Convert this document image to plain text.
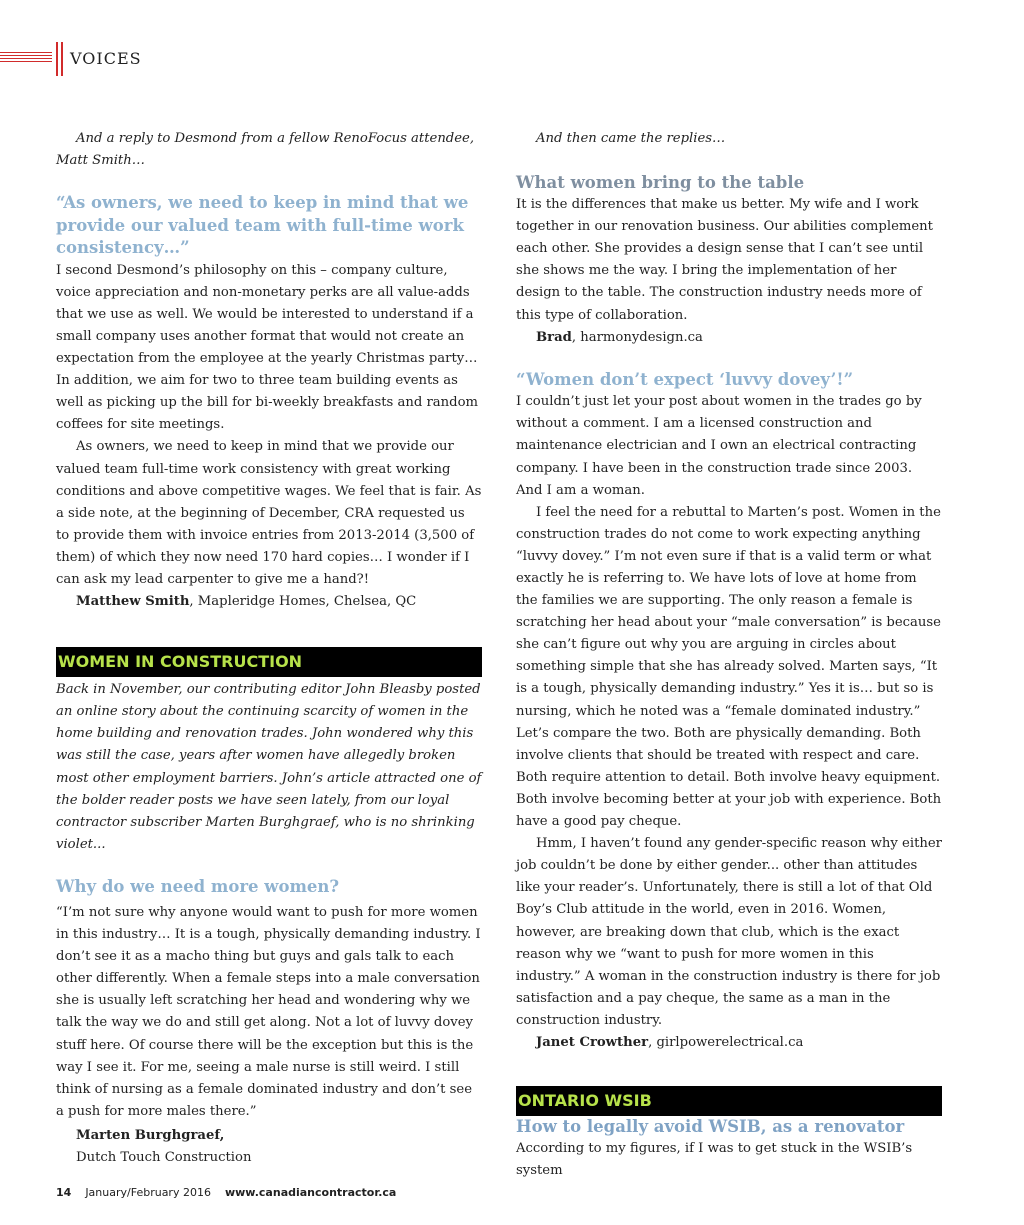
VOICES

And a reply to Desmond from a fellow RenoFocus attendee, Matt Smith…

“As owners, we need to keep in mind that we provide our valued team with full-time work consistency…”

I second Desmond’s philosophy on this – company culture, voice appreciation and non-monetary perks are all value-adds that we use as well. We would be interested to understand if a small company uses another format that would not create an expectation from the employee at the yearly Christmas party… In addition, we aim for two to three team building events as well as picking up the bill for bi-weekly breakfasts and random coffees for site meetings.

As owners, we need to keep in mind that we provide our valued team full-time work consistency with great working conditions and above competitive wages. We feel that is fair. As a side note, at the beginning of December, CRA requested us to provide them with invoice entries from 2013-2014 (3,500 of them) of which they now need 170 hard copies… I wonder if I can ask my lead carpenter to give me a hand?!

Matthew Smith, Mapleridge Homes, Chelsea, QC

WOMEN IN CONSTRUCTION

Back in November, our contributing editor John Bleasby posted an online story about the continuing scarcity of women in the home building and renovation trades. John wondered why this was still the case, years after women have allegedly broken most other employment barriers. John’s article attracted one of the bolder reader posts we have seen lately, from our loyal contractor subscriber Marten Burghgraef, who is no shrinking violet...

Why do we need more women?

“I’m not sure why anyone would want to push for more women in this industry… It is a tough, physically demanding industry. I don’t see it as a macho thing but guys and gals talk to each other differently. When a female steps into a male conversation she is usually left scratching her head and wondering why we talk the way we do and still get along. Not a lot of luvvy dovey stuff here. Of course there will be the exception but this is the way I see it. For me, seeing a male nurse is still weird. I still think of nursing as a female dominated industry and don’t see a push for more males there.”

Marten Burghgraef,

Dutch Touch Construction

And then came the replies…

What women bring to the table

It is the differences that make us better. My wife and I work together in our renovation business. Our abilities complement each other. She provides a design sense that I can’t see until she shows me the way. I bring the implementation of her design to the table. The construction industry needs more of this type of collaboration.

Brad, harmonydesign.ca

“Women don’t expect ‘luvvy dovey’!”

I couldn’t just let your post about women in the trades go by without a comment. I am a licensed construction and maintenance electrician and I own an electrical contracting company. I have been in the construction trade since 2003. And I am a woman.

I feel the need for a rebuttal to Marten’s post. Women in the construction trades do not come to work expecting anything “luvvy dovey.” I’m not even sure if that is a valid term or what exactly he is referring to. We have lots of love at home from the families we are supporting. The only reason a female is scratching her head about your “male conversation” is because she can’t figure out why you are arguing in circles about something simple that she has already solved. Marten says, “It is a tough, physically demanding industry.” Yes it is… but so is nursing, which he noted was a “female dominated industry.” Let’s compare the two. Both are physically demanding. Both involve clients that should be treated with respect and care. Both require attention to detail. Both involve heavy equipment. Both involve becoming better at your job with experience. Both have a good pay cheque.

Hmm, I haven’t found any gender-specific reason why either job couldn’t be done by either gender... other than attitudes like your reader’s. Unfortunately, there is still a lot of that Old Boy’s Club attitude in the world, even in 2016. Women, however, are breaking down that club, which is the exact reason why we “want to push for more women in this industry.” A woman in the construction industry is there for job satisfaction and a pay cheque, the same as a man in the construction industry.

Janet Crowther, girlpowerelectrical.ca

ONTARIO WSIB

How to legally avoid WSIB, as a renovator

According to my figures, if I was to get stuck in the WSIB’s system

14 January/February 2016 www.canadiancontractor.ca
